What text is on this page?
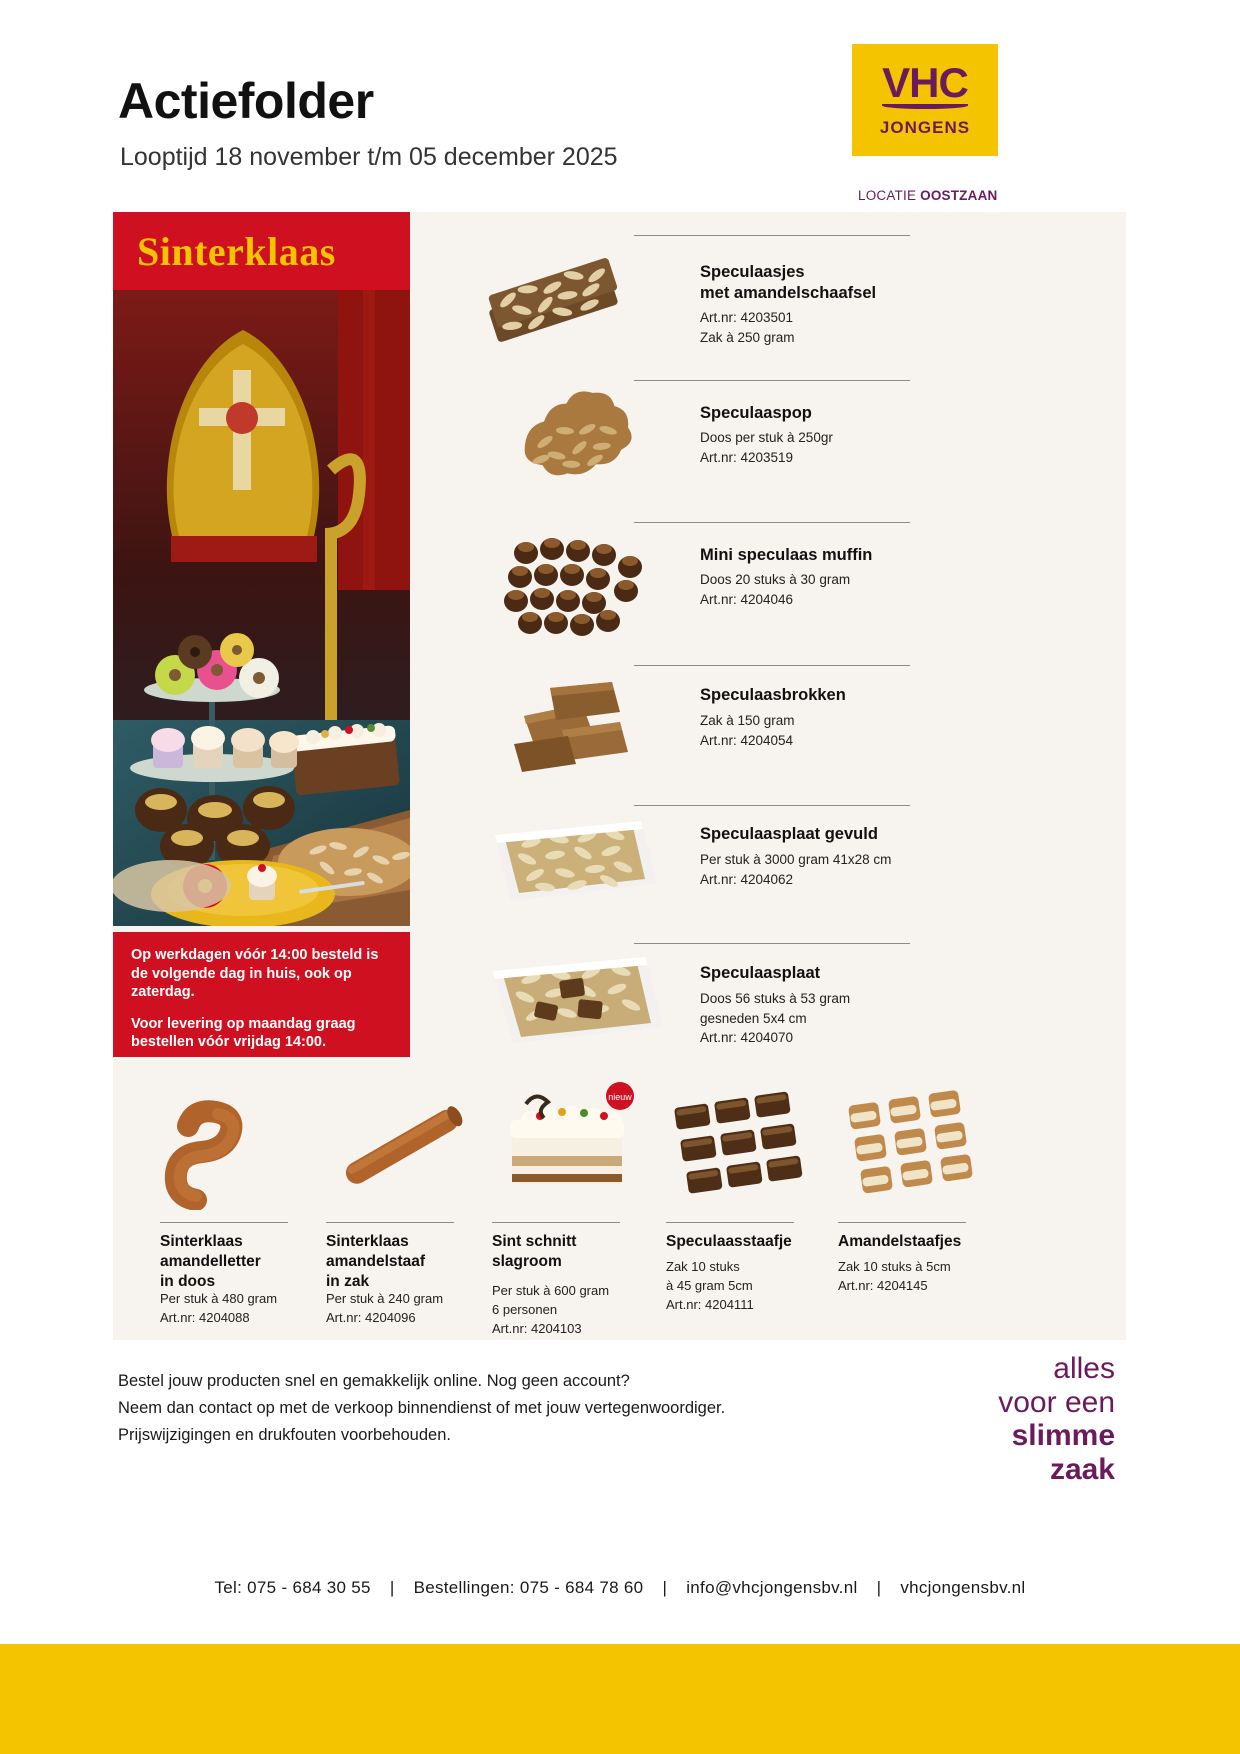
Actiefolder
Looptijd 18 november t/m 05 december 2025
VHC
JONGENS
LOCATIE OOSTZAAN
Sinterklaas

Op werkdagen vóór 14:00 besteld is de volgende dag in huis, ook op zaterdag.

Voor levering op maandag graag bestellen vóór vrijdag 14:00.

Speculaasjes
met amandelschaafsel
Art.nr: 4203501
Zak à 250 gram
Speculaaspop
Doos per stuk à 250gr
Art.nr: 4203519
Mini speculaas muffin
Doos 20 stuks à 30 gram
Art.nr: 4204046
Speculaasbrokken
Zak à 150 gram
Art.nr: 4204054
Speculaasplaat gevuld
Per stuk à 3000 gram 41x28 cm
Art.nr: 4204062
Speculaasplaat
Doos 56 stuks à 53 gram
gesneden 5x4 cm
Art.nr: 4204070
Sinterklaas
amandelletter
in doos
Per stuk à 480 gram
Art.nr: 4204088
Sinterklaas
amandelstaaf
in zak
Per stuk à 240 gram
Art.nr: 4204096
nieuw
Sint schnitt
slagroom
Per stuk à 600 gram
6 personen
Art.nr: 4204103
Speculaasstaafje
Zak 10 stuks
à 45 gram 5cm
Art.nr: 4204111
Amandelstaafjes
Zak 10 stuks à 5cm
Art.nr: 4204145
Bestel jouw producten snel en gemakkelijk online. Nog geen account?
Neem dan contact op met de verkoop binnendienst of met jouw vertegenwoordiger.
Prijswijzigingen en drukfouten voorbehouden.
alles
voor een
slimme
zaak
Tel: 075 - 684 30 55 | Bestellingen: 075 - 684 78 60 | info@vhcjongensbv.nl | vhcjongensbv.nl
